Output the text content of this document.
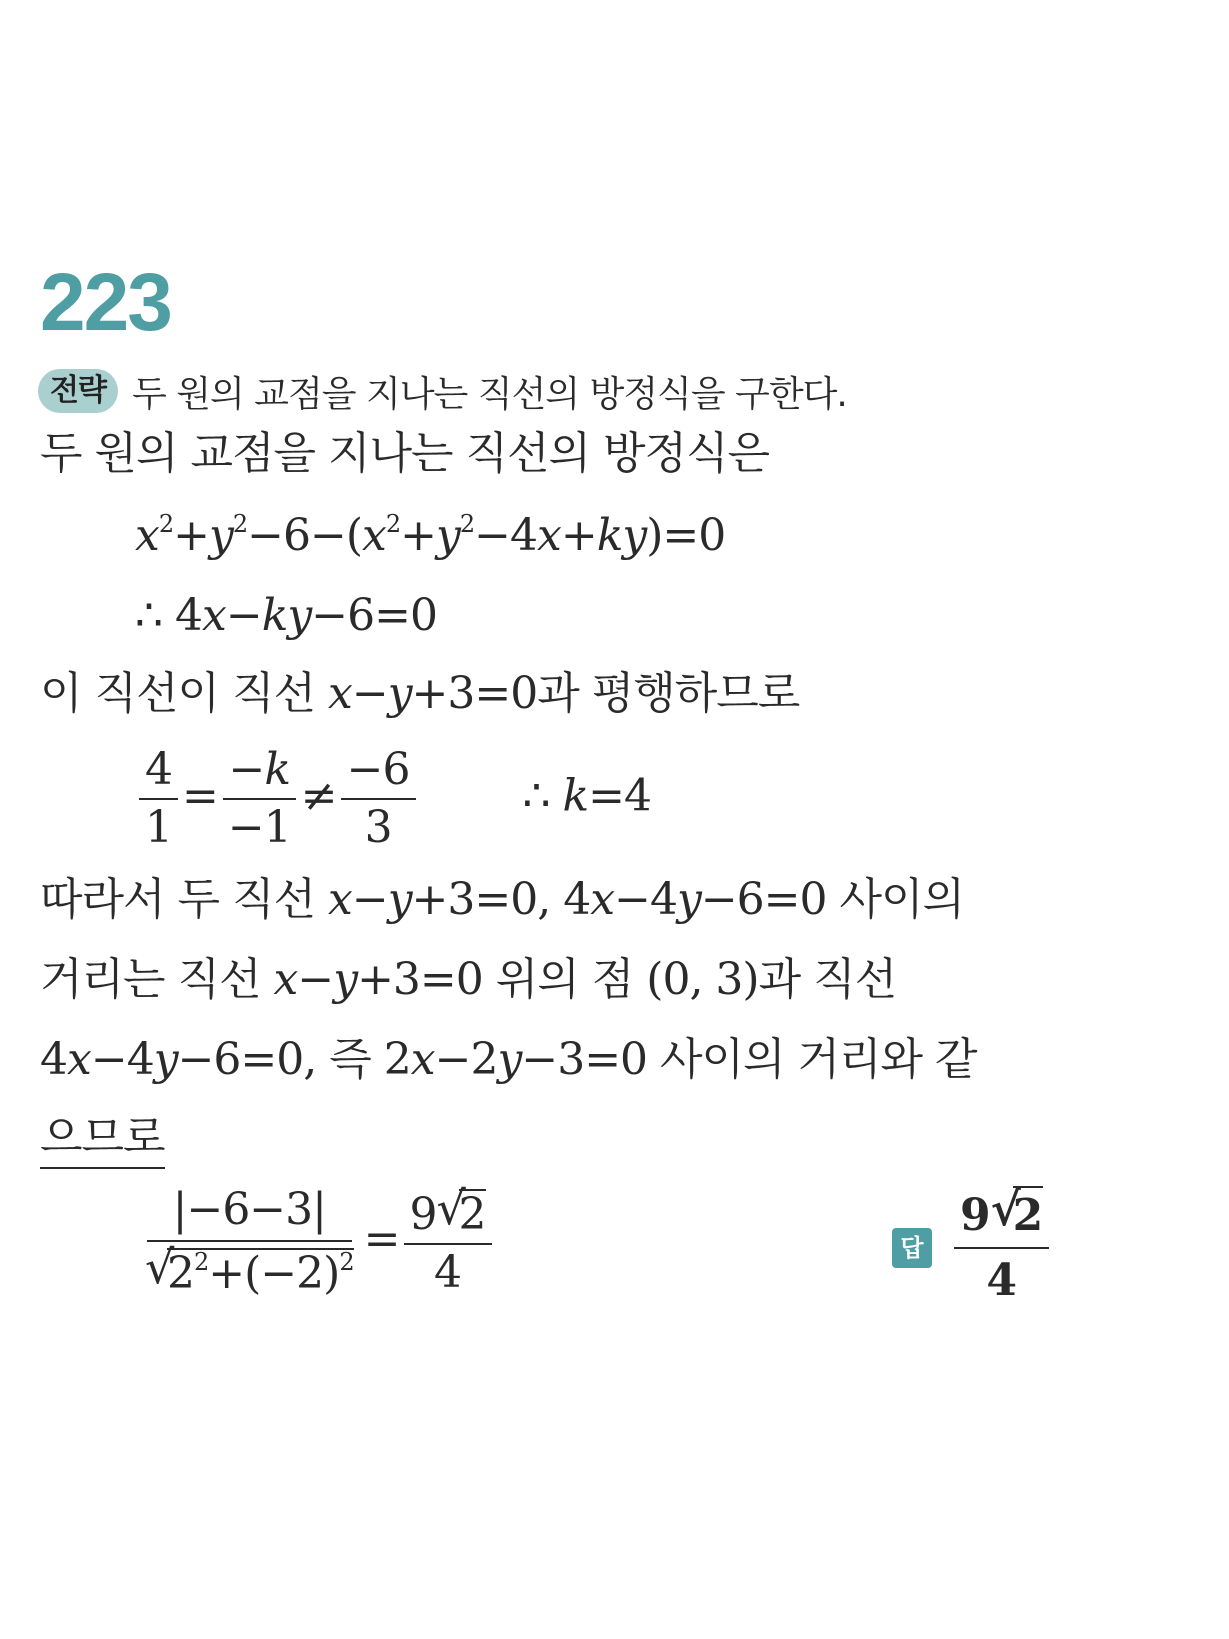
223
전략 두 원의 교점을 지나는 직선의 방정식을 구한다.
두 원의 교점을 지나는 직선의 방정식은
$x^2+y^2-6-(x^2+y^2-4x+ky)=0$
∴ 4x−ky−6=0
이 직선이 직선 x−y+3=0과 평행하므로
$\frac{4}{1} = \frac{-k}{-1} \ne \frac{-6}{3}$ ∴ k=4
따라서 두 직선 x−y+3=0, 4x−4y−6=0 사이의
거리는 직선 x−y+3=0 위의 점 (0, 3)과 직선
4x−4y−6=0, 즉 2x−2y−3=0 사이의 거리와 같
으므로
|−6−3|
√
$2^2+(-2)^2 = 9$ √
2
4	답 9 √
2
4
